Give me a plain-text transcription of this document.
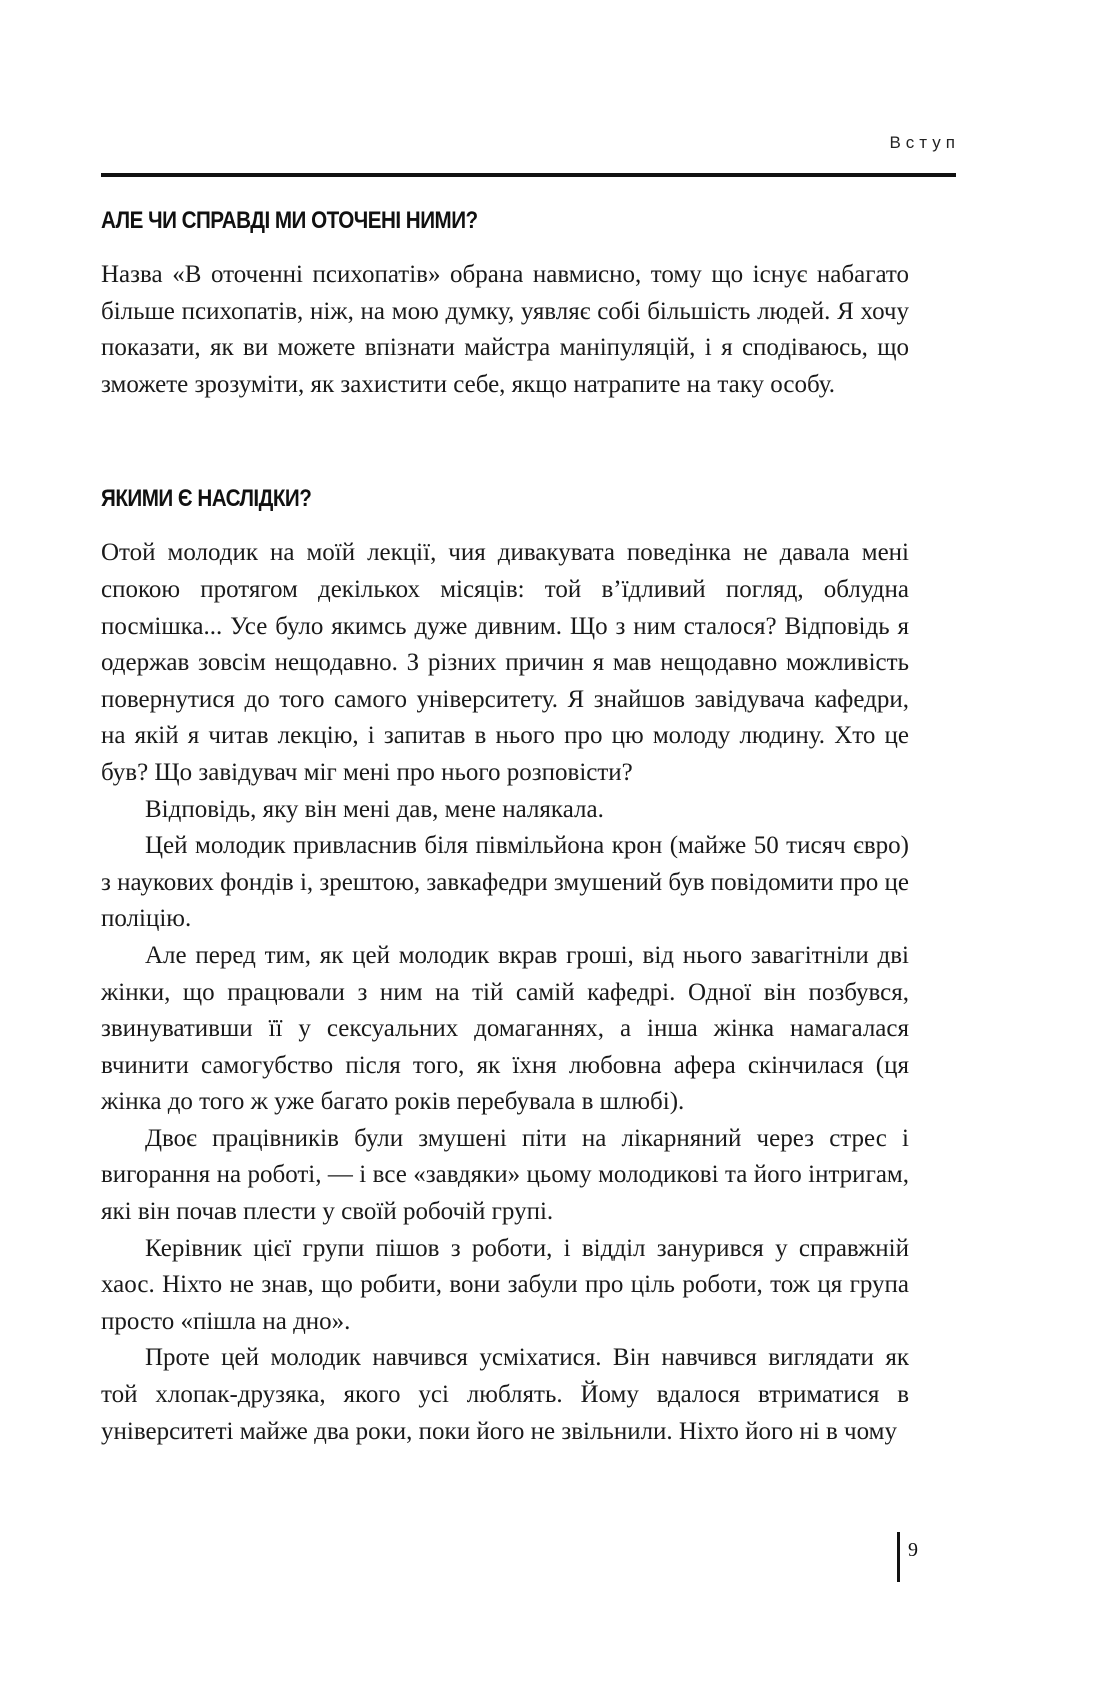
Вступ
АЛЕ ЧИ СПРАВДІ МИ ОТОЧЕНІ НИМИ?

Назва «В оточенні психопатів» обрана навмисно, тому що існує набагато більше психопатів, ніж, на мою думку, уявляє собі більшість людей. Я хочу показати, як ви можете впізнати майстра маніпуляцій, і я сподіваюсь, що зможете зрозуміти, як захистити себе, якщо натрапите на таку особу.

ЯКИМИ Є НАСЛІДКИ?

Отой молодик на моїй лекції, чия дивакувата поведінка не давала мені спокою протягом декількох місяців: той в’їдливий погляд, облудна посмішка... Усе було якимсь дуже дивним. Що з ним сталося? Відповідь я одержав зовсім нещодавно. З різних причин я мав нещодавно можливість повернутися до того самого університету. Я знайшов завідувача кафедри, на якій я читав лекцію, і запитав в нього про цю молоду людину. Хто це був? Що завідувач міг мені про нього розповісти?

Відповідь, яку він мені дав, мене налякала.

Цей молодик привласнив біля півмільйона крон (майже 50 тисяч євро) з наукових фондів і, зрештою, завкафедри змушений був повідомити про це поліцію.

Але перед тим, як цей молодик вкрав гроші, від нього завагітніли дві жінки, що працювали з ним на тій самій кафедрі. Одної він позбувся, звинувативши її у сексуальних домаганнях, а інша жінка намагалася вчинити самогубство після того, як їхня любовна афера скінчилася (ця жінка до того ж уже багато років перебувала в шлюбі).

Двоє працівників були змушені піти на лікарняний через стрес і вигорання на роботі, — і все «завдяки» цьому молодикові та його інтригам, які він почав плести у своїй робочій групі.

Керівник цієї групи пішов з роботи, і відділ занурився у справжній хаос. Ніхто не знав, що робити, вони забули про ціль роботи, тож ця група просто «пішла на дно».

Проте цей молодик навчився усміхатися. Він навчився виглядати як той хлопак-друзяка, якого усі люблять. Йому вдалося втриматися в університеті майже два роки, поки його не звільнили. Ніхто його ні в чому

9
